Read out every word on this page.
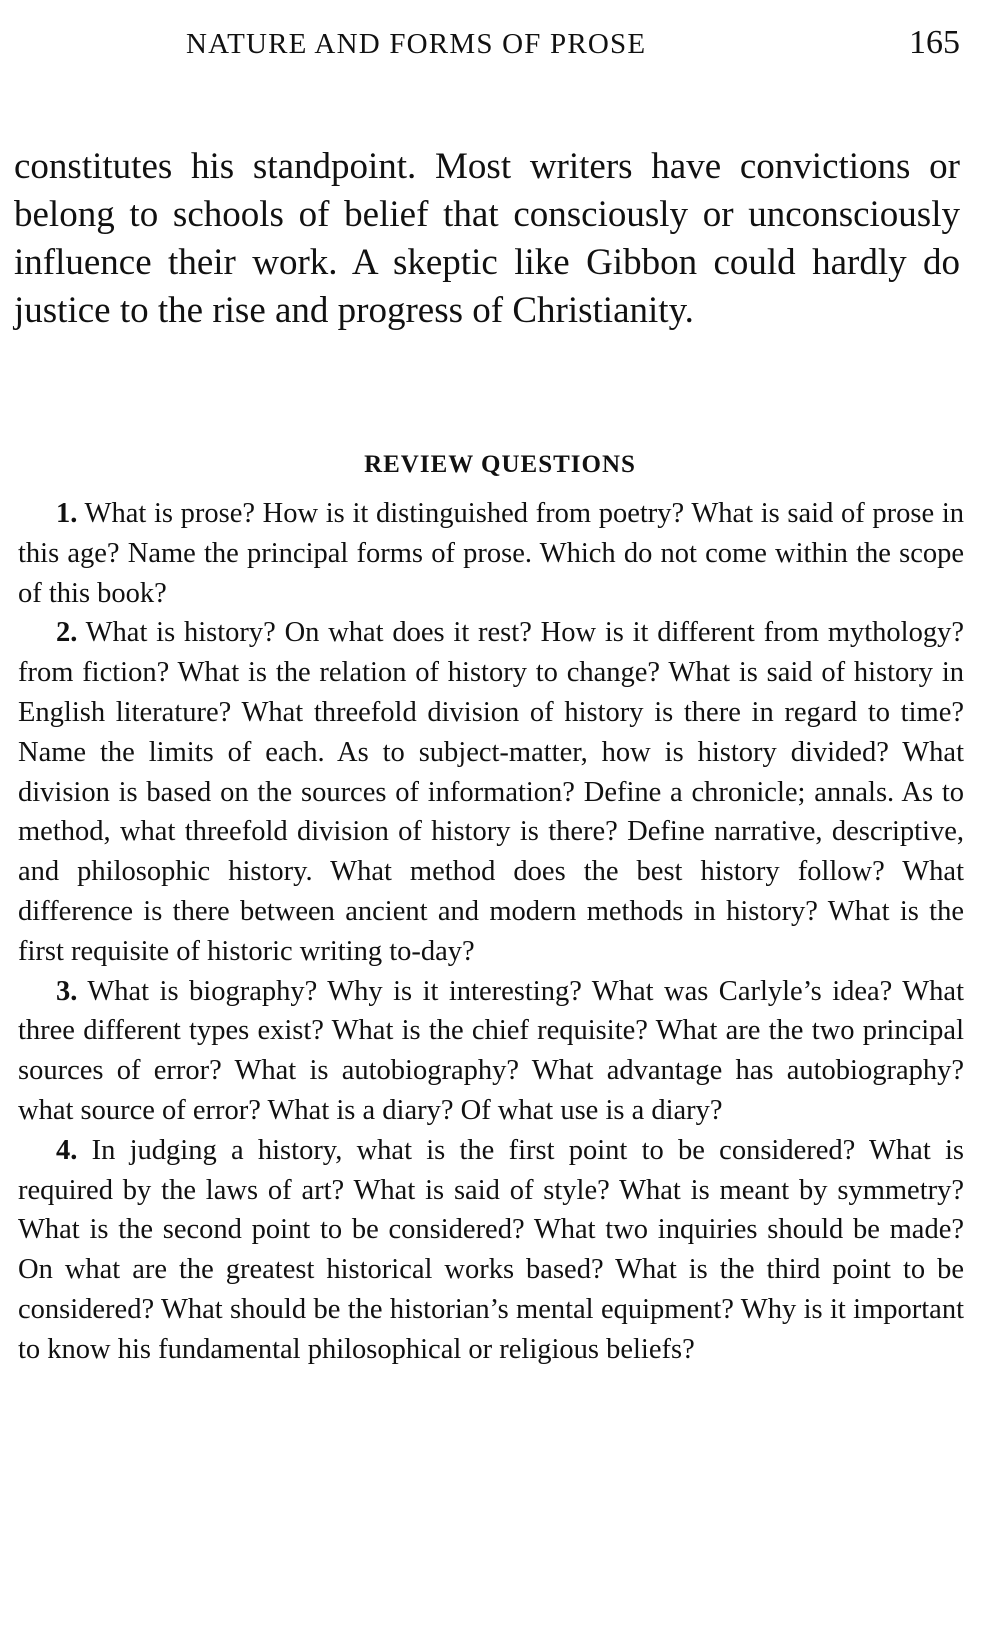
NATURE AND FORMS OF PROSE	165

constitutes his standpoint. Most writers have convictions or belong to schools of belief that consciously or unconsciously influence their work. A skeptic like Gibbon could hardly do justice to the rise and progress of Christianity.

REVIEW QUESTIONS

1. What is prose? How is it distinguished from poetry? What is said of prose in this age? Name the principal forms of prose. Which do not come within the scope of this book?

2. What is history? On what does it rest? How is it different from mythology? from fiction? What is the relation of history to change? What is said of history in English literature? What threefold division of history is there in regard to time? Name the limits of each. As to subject-matter, how is history divided? What division is based on the sources of information? Define a chronicle; annals. As to method, what threefold division of history is there? Define narrative, descriptive, and philosophic history. What method does the best history follow? What difference is there between ancient and modern methods in history? What is the first requisite of historic writing to-day?

3. What is biography? Why is it interesting? What was Carlyle’s idea? What three different types exist? What is the chief requisite? What are the two principal sources of error? What is autobiography? What advantage has autobiography? what source of error? What is a diary? Of what use is a diary?

4. In judging a history, what is the first point to be considered? What is required by the laws of art? What is said of style? What is meant by symmetry? What is the second point to be considered? What two inquiries should be made? On what are the greatest historical works based? What is the third point to be considered? What should be the historian’s mental equipment? Why is it important to know his fundamental philosophical or religious beliefs?
